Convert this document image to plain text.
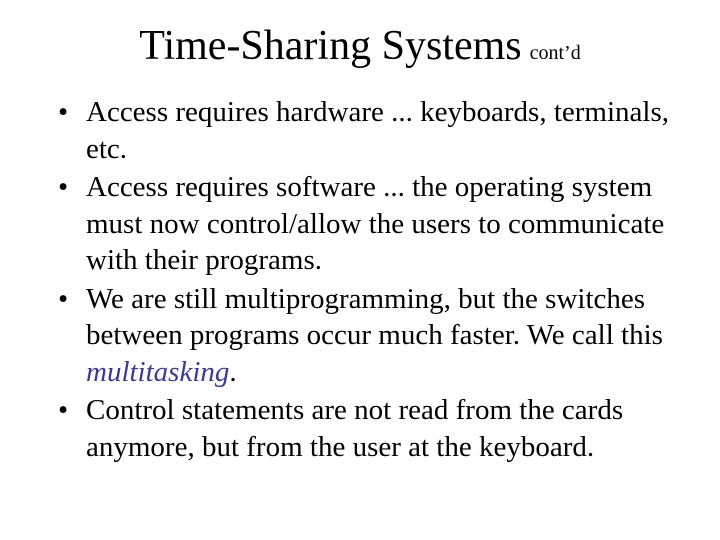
Time-Sharing Systems cont’d
• Access requires hardware ... keyboards, terminals, etc.
• Access requires software ... the operating system must now control/allow the users to communicate with their programs.
• We are still multiprogramming, but the switches between programs occur much faster. We call this multitasking.
• Control statements are not read from the cards anymore, but from the user at the keyboard.
